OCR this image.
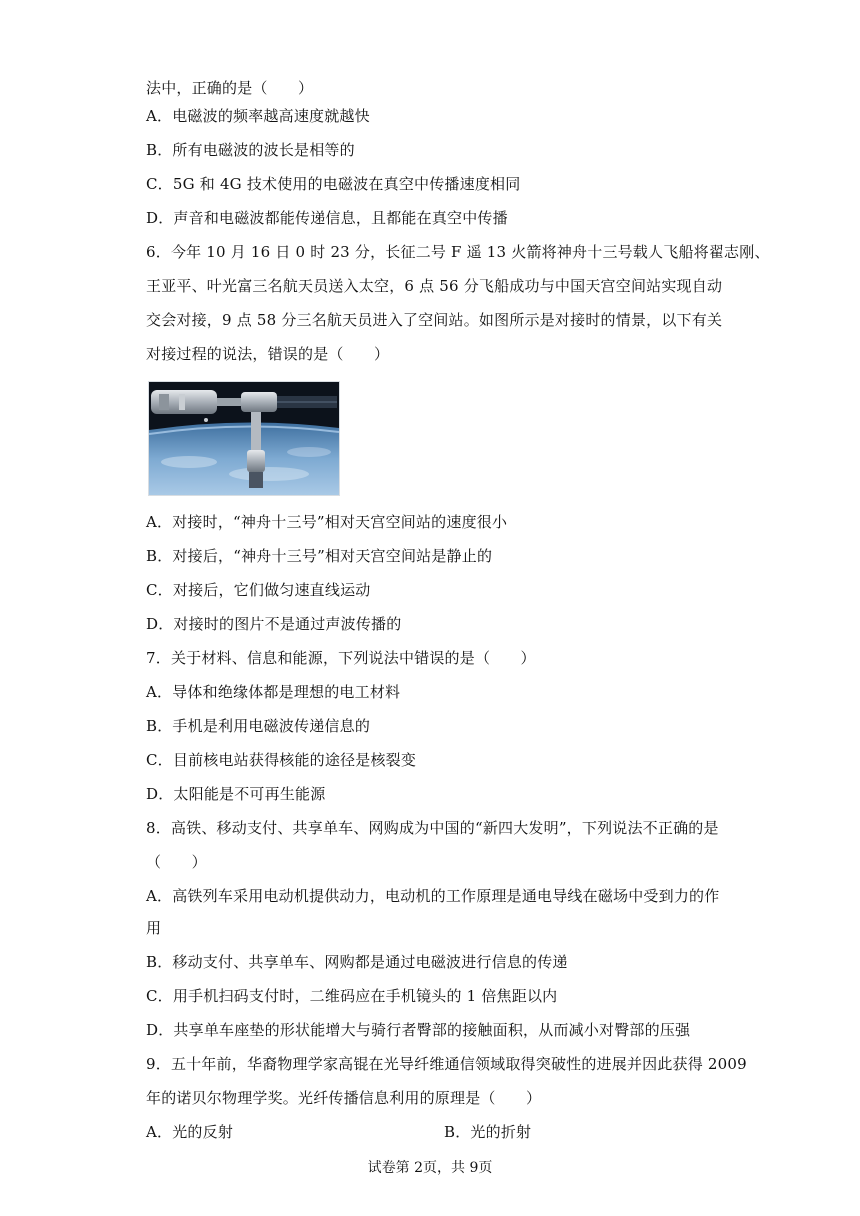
法中，正确的是（　　）
A．电磁波的频率越高速度就越快
B．所有电磁波的波长是相等的
C．5G 和 4G 技术使用的电磁波在真空中传播速度相同
D．声音和电磁波都能传递信息，且都能在真空中传播
6．今年 10 月 16 日 0 时 23 分，长征二号 F 遥 13 火箭将神舟十三号载人飞船将翟志刚、
王亚平、叶光富三名航天员送入太空，6 点 56 分飞船成功与中国天宫空间站实现自动
交会对接，9 点 58 分三名航天员进入了空间站。如图所示是对接时的情景，以下有关
对接过程的说法，错误的是（　　）
A．对接时，“神舟十三号”相对天宫空间站的速度很小
B．对接后，“神舟十三号”相对天宫空间站是静止的
C．对接后，它们做匀速直线运动
D．对接时的图片不是通过声波传播的
7．关于材料、信息和能源，下列说法中错误的是（　　）
A．导体和绝缘体都是理想的电工材料
B．手机是利用电磁波传递信息的
C．目前核电站获得核能的途径是核裂变
D．太阳能是不可再生能源
8．高铁、移动支付、共享单车、网购成为中国的“新四大发明”，下列说法不正确的是
（　　）
A．高铁列车采用电动机提供动力，电动机的工作原理是通电导线在磁场中受到力的作
用
B．移动支付、共享单车、网购都是通过电磁波进行信息的传递
C．用手机扫码支付时，二维码应在手机镜头的 1 倍焦距以内
D．共享单车座垫的形状能增大与骑行者臀部的接触面积，从而减小对臀部的压强
9．五十年前，华裔物理学家高锟在光导纤维通信领域取得突破性的进展并因此获得 2009
年的诺贝尔物理学奖。光纤传播信息利用的原理是（　　）
A．光的反射	B．光的折射
试卷第 2页，共 9页
